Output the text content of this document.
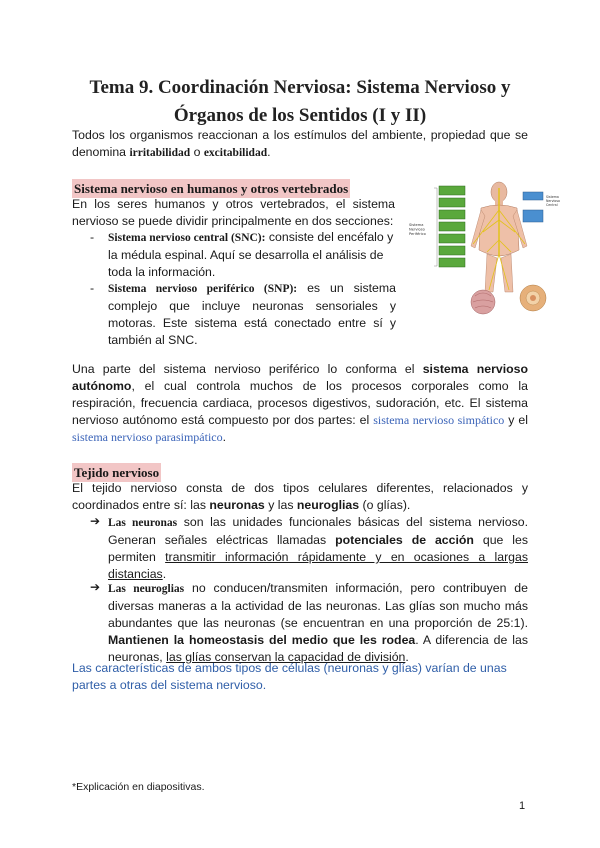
Tema 9. Coordinación Nerviosa: Sistema Nervioso y
Órganos de los Sentidos (I y II)
Todos los organismos reaccionan a los estímulos del ambiente, propiedad que se denomina irritabilidad o excitabilidad.
Sistema nervioso en humanos y otros vertebrados
En los seres humanos y otros vertebrados, el sistema nervioso se puede dividir principalmente en dos secciones:
- Sistema nervioso central (SNC): consiste del encéfalo y la médula espinal. Aquí se desarrolla el análisis de toda la información.
- Sistema nervioso periférico (SNP): es un sistema complejo que incluye neuronas sensoriales y motoras. Este sistema está conectado entre sí y también al SNC.
Sistema Nervioso Periférico
Sistema Nervioso Central
Una parte del sistema nervioso periférico lo conforma el sistema nervioso autónomo, el cual controla muchos de los procesos corporales como la respiración, frecuencia cardiaca, procesos digestivos, sudoración, etc. El sistema nervioso autónomo está compuesto por dos partes: el sistema nervioso simpático y el sistema nervioso parasimpático.
Tejido nervioso
El tejido nervioso consta de dos tipos celulares diferentes, relacionados y coordinados entre sí: las neuronas y las neuroglias (o glías).
➔ Las neuronas son las unidades funcionales básicas del sistema nervioso. Generan señales eléctricas llamadas potenciales de acción que les permiten transmitir información rápidamente y en ocasiones a largas distancias.
➔ Las neuroglias no conducen/transmiten información, pero contribuyen de diversas maneras a la actividad de las neuronas. Las glías son mucho más abundantes que las neuronas (se encuentran en una proporción de 25:1). Mantienen la homeostasis del medio que les rodea. A diferencia de las neuronas, las glías conservan la capacidad de división.
Las características de ambos tipos de células (neuronas y glías) varían de unas partes a otras del sistema nervioso.
*Explicación en diapositivas.
1
